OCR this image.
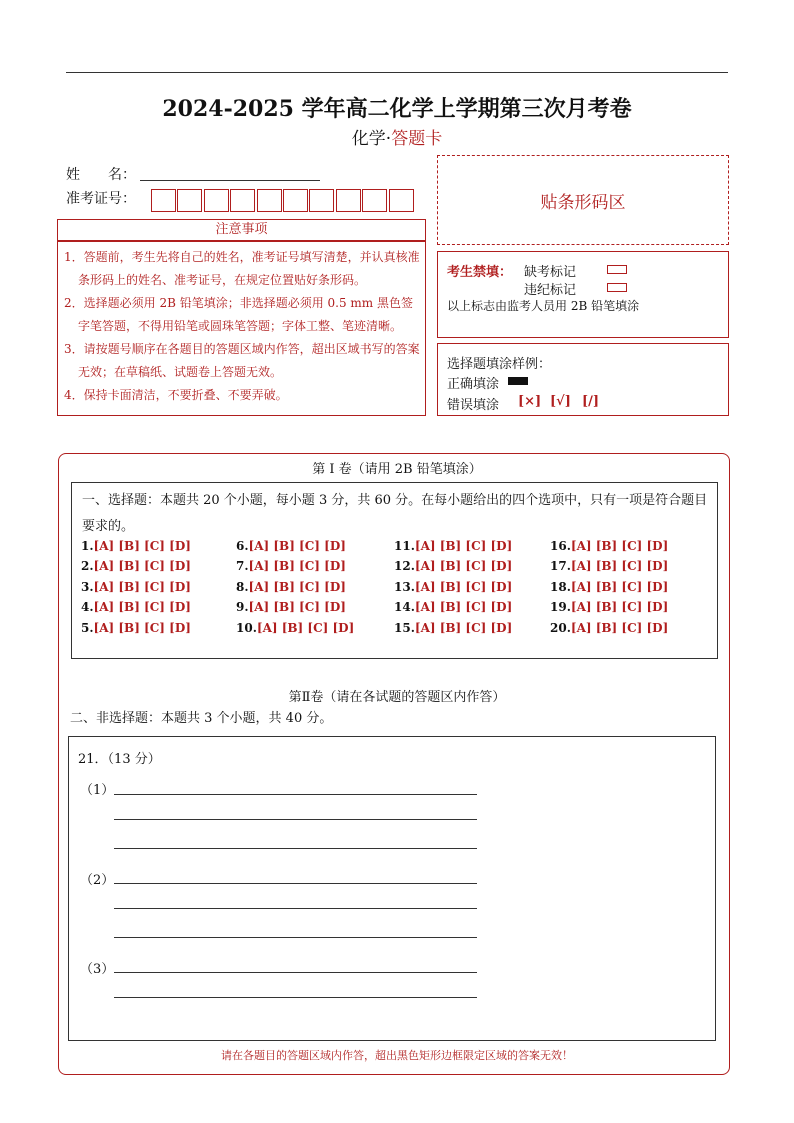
2024-2025 学年高二化学上学期第三次月考卷
化学·答题卡
姓　　名：
准考证号：	贴条形码区
注意事项
1．答题前，考生先将自己的姓名，准考证号填写清楚，并认真核准条形码上的姓名、准考证号，在规定位置贴好条形码。
2．选择题必须用 2B 铅笔填涂；非选择题必须用 0.5 mm 黑色签字笔答题，不得用铅笔或圆珠笔答题；字体工整、笔迹清晰。
3．请按题号顺序在各题目的答题区域内作答，超出区域书写的答案无效；在草稿纸、试题卷上答题无效。
4．保持卡面清洁，不要折叠、不要弄破。
考生禁填： 缺考标记
违纪标记
以上标志由监考人员用 2B 铅笔填涂
选择题填涂样例：
正确填涂
错误填涂 [×] [√] [/]
第 I 卷（请用 2B 铅笔填涂）
一、选择题：本题共 20 个小题，每小题 3 分，共 60 分。在每小题给出的四个选项中，只有一项是符合题目要求的。
1.[A] [B] [C] [D]
2.[A] [B] [C] [D]
3.[A] [B] [C] [D]
4.[A] [B] [C] [D]
5.[A] [B] [C] [D]
6.[A] [B] [C] [D]
7.[A] [B] [C] [D]
8.[A] [B] [C] [D]
9.[A] [B] [C] [D]
10.[A] [B] [C] [D]
11.[A] [B] [C] [D]
12.[A] [B] [C] [D]
13.[A] [B] [C] [D]
14.[A] [B] [C] [D]
15.[A] [B] [C] [D]
16.[A] [B] [C] [D]
17.[A] [B] [C] [D]
18.[A] [B] [C] [D]
19.[A] [B] [C] [D]
20.[A] [B] [C] [D]
第Ⅱ卷（请在各试题的答题区内作答）
二、非选择题：本题共 3 个小题，共 40 分。
21．（13 分）
（1）
（2）
（3）
请在各题目的答题区域内作答，超出黑色矩形边框限定区域的答案无效！
